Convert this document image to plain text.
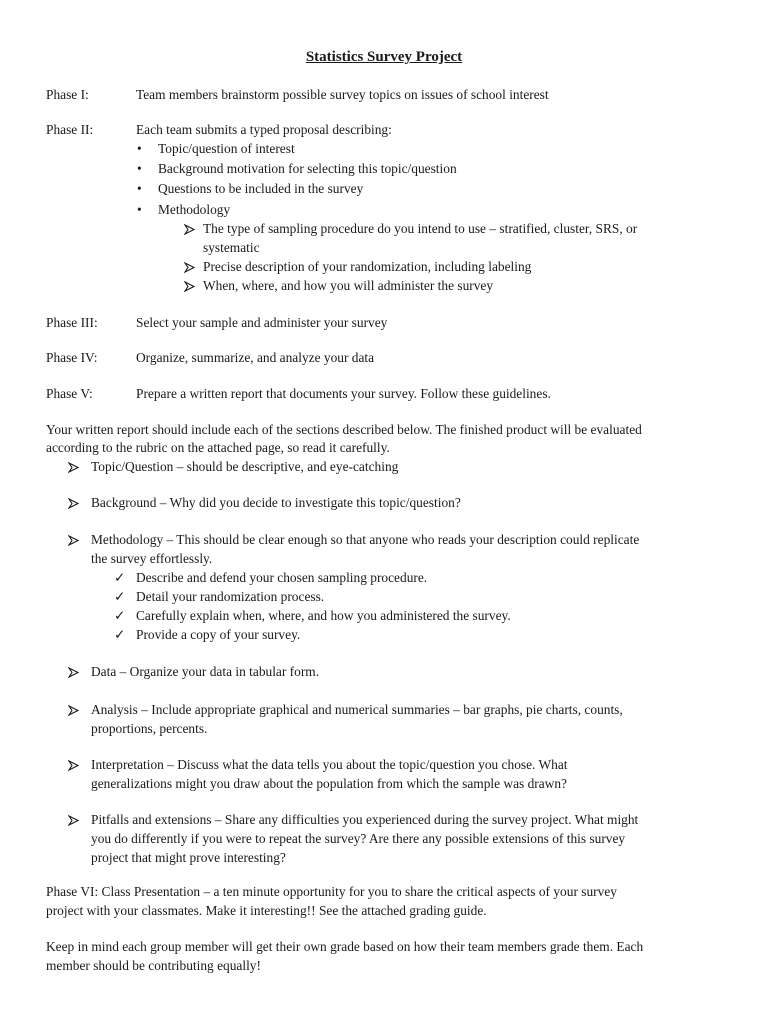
Statistics Survey Project
Phase I:	Team members brainstorm possible survey topics on issues of school interest
Phase II:	Each team submits a typed proposal describing:
• Topic/question of interest
• Background motivation for selecting this topic/question
• Questions to be included in the survey
• Methodology
The type of sampling procedure do you intend to use – stratified, cluster, SRS, or
systematic
Precise description of your randomization, including labeling
When, where, and how you will administer the survey
Phase III:	Select your sample and administer your survey
Phase IV:	Organize, summarize, and analyze your data
Phase V:	Prepare a written report that documents your survey. Follow these guidelines.
Your written report should include each of the sections described below. The finished product will be evaluated
according to the rubric on the attached page, so read it carefully.
Topic/Question – should be descriptive, and eye-catching
Background – Why did you decide to investigate this topic/question?
Methodology – This should be clear enough so that anyone who reads your description could replicate
the survey effortlessly.
✓ Describe and defend your chosen sampling procedure.
✓ Detail your randomization process.
✓ Carefully explain when, where, and how you administered the survey.
✓ Provide a copy of your survey.
Data – Organize your data in tabular form.
Analysis – Include appropriate graphical and numerical summaries – bar graphs, pie charts, counts,
proportions, percents.
Interpretation – Discuss what the data tells you about the topic/question you chose. What
generalizations might you draw about the population from which the sample was drawn?
Pitfalls and extensions – Share any difficulties you experienced during the survey project. What might
you do differently if you were to repeat the survey? Are there any possible extensions of this survey
project that might prove interesting?
Phase VI: Class Presentation – a ten minute opportunity for you to share the critical aspects of your survey
project with your classmates. Make it interesting!! See the attached grading guide.
Keep in mind each group member will get their own grade based on how their team members grade them. Each
member should be contributing equally!
